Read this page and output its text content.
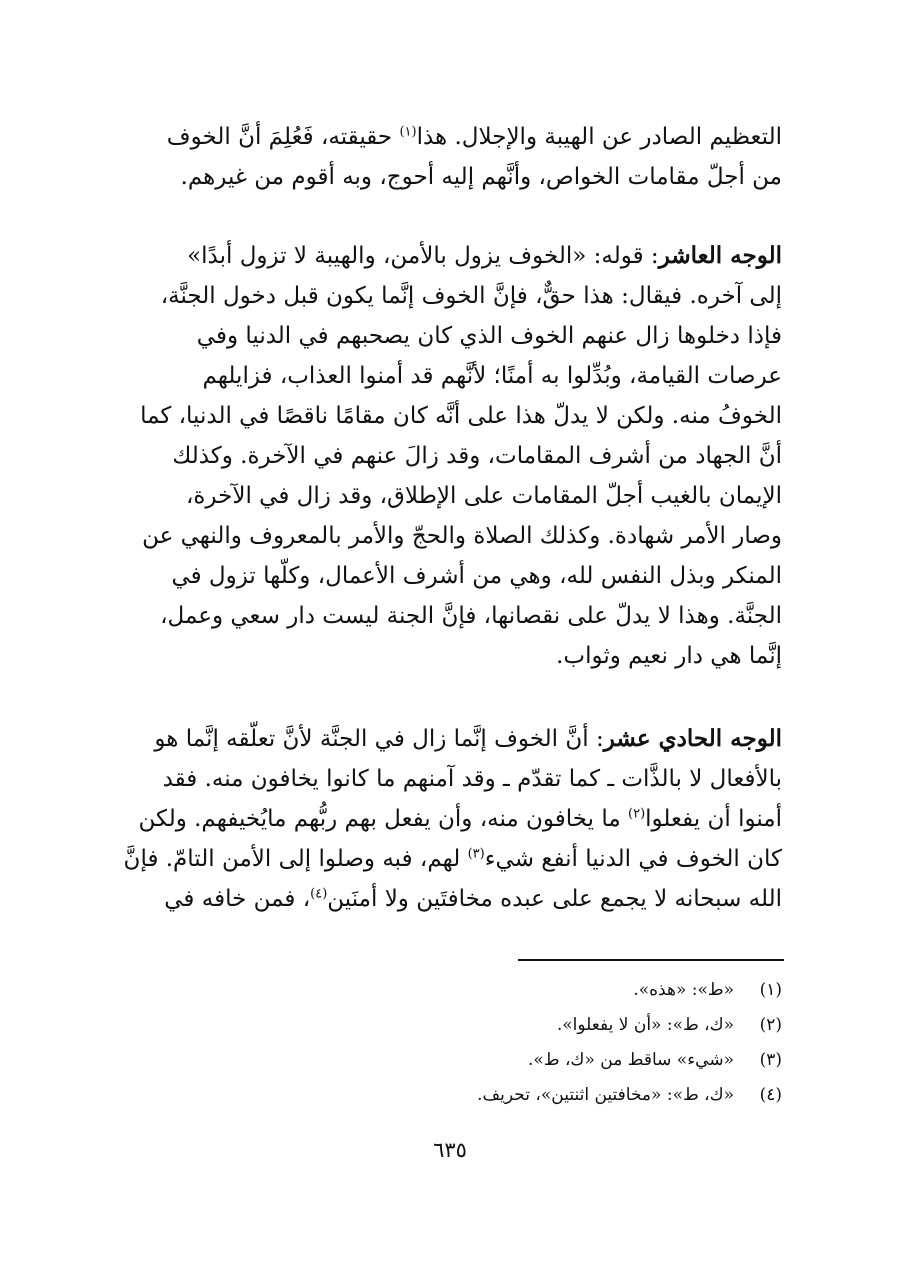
التعظيم الصادر عن الهيبة والإجلال. هذا$^{(١)}$ حقيقته، فَعُلِمَ أنَّ الخوف
من أجلّ مقامات الخواص، وأنَّهم إليه أحوج، وبه أقوم من غيرهم.
الوجه العاشر: قوله: «الخوف يزول بالأمن، والهيبة لا تزول أبدًا»
إلى آخره. فيقال: هذا حقٌّ، فإنَّ الخوف إنَّما يكون قبل دخول الجنَّة،
فإذا دخلوها زال عنهم الخوف الذي كان يصحبهم في الدنيا وفي
عرصات القيامة، وبُدِّلوا به أمنًا؛ لأنَّهم قد أمنوا العذاب، فزايلهم
الخوفُ منه. ولكن لا يدلّ هذا على أنَّه كان مقامًا ناقصًا في الدنيا، كما
أنَّ الجهاد من أشرف المقامات، وقد زالَ عنهم في الآخرة. وكذلك
الإيمان بالغيب أجلّ المقامات على الإطلاق، وقد زال في الآخرة،
وصار الأمر شهادة. وكذلك الصلاة والحجّ والأمر بالمعروف والنهي عن
المنكر وبذل النفس لله، وهي من أشرف الأعمال، وكلّها تزول في
الجنَّة. وهذا لا يدلّ على نقصانها، فإنَّ الجنة ليست دار سعي وعمل،
إنَّما هي دار نعيم وثواب.
الوجه الحادي عشر: أنَّ الخوف إنَّما زال في الجنَّة لأنَّ تعلّقه إنَّما هو
بالأفعال لا بالذَّات ـ كما تقدّم ـ وقد آمنهم ما كانوا يخافون منه. فقد
أمنوا أن يفعلوا$^{(٢)}$ ما يخافون منه، وأن يفعل بهم ربُّهم مايُخيفهم. ولكن
كان الخوف في الدنيا أنفع شيء$^{(٣)}$ لهم، فبه وصلوا إلى الأمن التامّ. فإنَّ
الله سبحانه لا يجمع على عبده مخافتَين ولا أمنَين$^{(٤)}$، فمن خافه في
(١)
«ط»: «هذه».
(٢)
«ك، ط»: «أن لا يفعلوا».
(٣)
«شيء» ساقط من «ك، ط».
(٤)
«ك، ط»: «مخافتين اثنتين»، تحريف.
٦٣٥
